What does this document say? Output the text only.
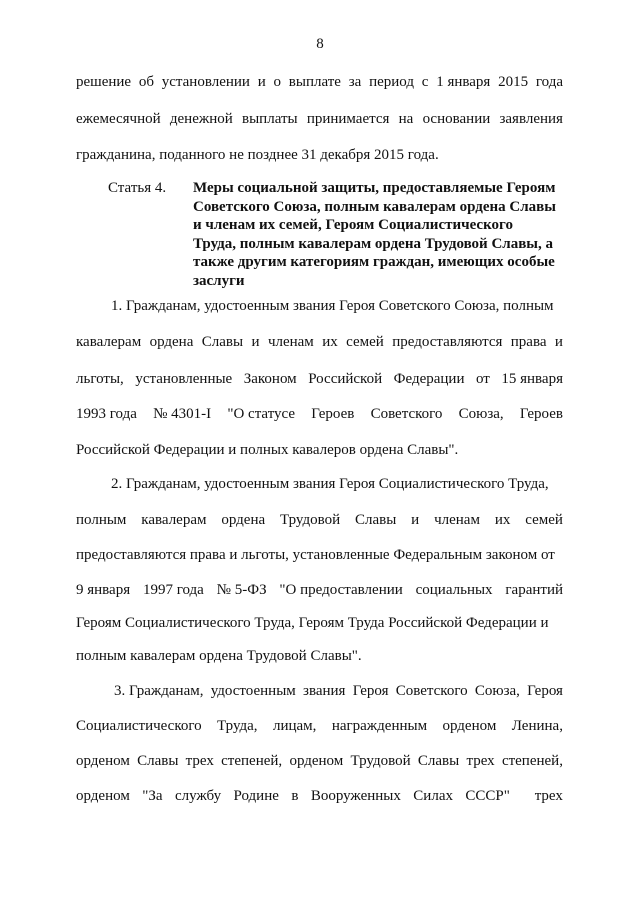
8
решение об установлении и о выплате за период с 1 января 2015 года
ежемесячной денежной выплаты принимается на основании заявления
гражданина, поданного не позднее 31 декабря 2015 года.
Статья 4. Меры социальной защиты, предоставляемые Героям
Советского Союза, полным кавалерам ордена Славы
и членам их семей, Героям Социалистического
Труда, полным кавалерам ордена Трудовой Славы, а
также другим категориям граждан, имеющих особые
заслуги
1. Гражданам, удостоенным звания Героя Советского Союза, полным
кавалерам ордена Славы и членам их семей предоставляются права и
льготы, установленные Законом Российской Федерации от 15 января
1993 года № 4301-I "О статусе Героев Советского Союза, Героев
Российской Федерации и полных кавалеров ордена Славы".
2. Гражданам, удостоенным звания Героя Социалистического Труда,
полным кавалерам ордена Трудовой Славы и членам их семей
предоставляются права и льготы, установленные Федеральным законом от
9 января 1997 года № 5-ФЗ "О предоставлении социальных гарантий
Героям Социалистического Труда, Героям Труда Российской Федерации и
полным кавалерам ордена Трудовой Славы".
3. Гражданам, удостоенным звания Героя Советского Союза, Героя
Социалистического Труда, лицам, награжденным орденом Ленина,
орденом Славы трех степеней, орденом Трудовой Славы трех степеней,
орденом "За службу Родине в Вооруженных Силах СССР" трех
